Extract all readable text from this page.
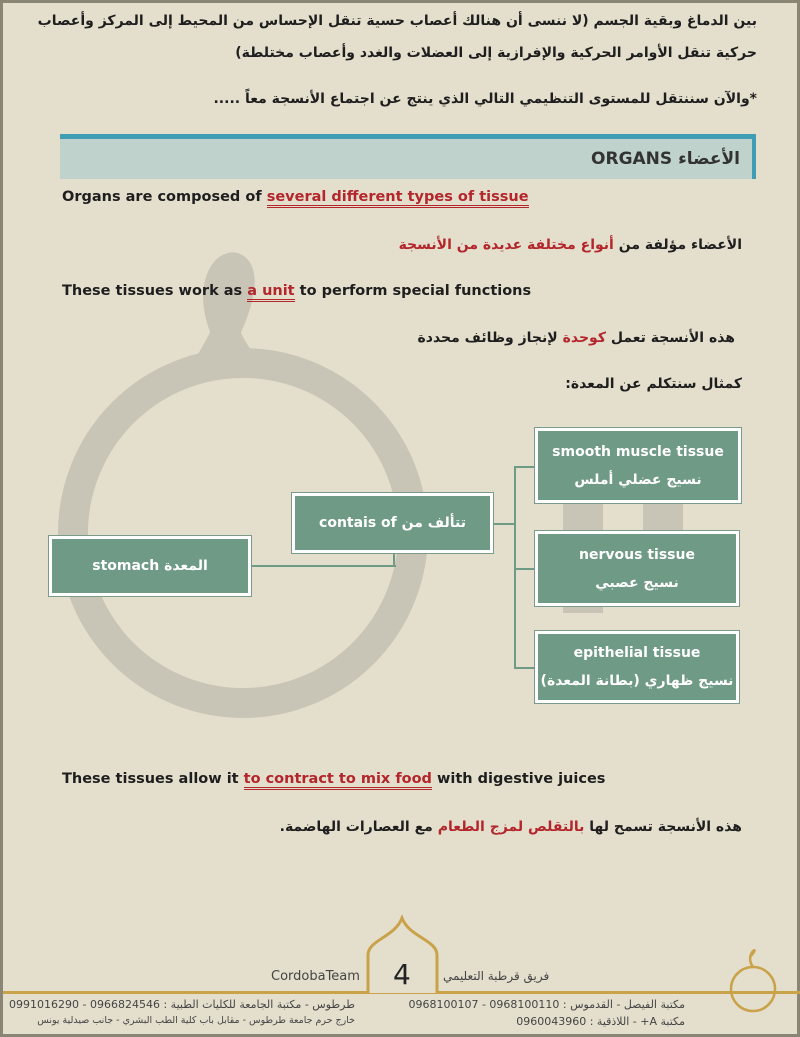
بين الدماغ وبقية الجسم (لا ننسى أن هنالك أعصاب حسية تنقل الإحساس من المحيط إلى المركز وأعصاب
حركية تنقل الأوامر الحركية والإفرازية إلى العضلات والغدد وأعصاب مختلطة)
*والآن سننتقل للمستوى التنظيمي التالي الذي ينتج عن اجتماع الأنسجة معاً .....
الأعضاء ORGANS
Organs are composed of several different types of tissue
الأعضاء مؤلفة من أنواع مختلفة عديدة من الأنسجة
These tissues work as a unit to perform special functions
هذه الأنسجة تعمل كوحدة لإنجاز وظائف محددة
كمثال سنتكلم عن المعدة:
stomach المعدة
contais of تتألف من
smooth muscle tissue
نسيج عضلي أملس
nervous tissue
نسيج عصبي
epithelial tissue
نسيج ظهاري (بطانة المعدة)
These tissues allow it to contract to mix food with digestive juices
هذه الأنسجة تسمح لها بالتقلص لمزج الطعام مع العصارات الهاضمة.
4
CordobaTeam	فريق قرطبة التعليمي
طرطوس - مكتبة الجامعة للكليات الطبية : 0966824546 - 0991016290
خارج حرم جامعة طرطوس - مقابل باب كلية الطب البشري - جانب صيدلية يونس
مكتبة الفيصل - القدموس : 0968100110 - 0968100107
مكتبة A+ - اللاذقية : 0960043960
